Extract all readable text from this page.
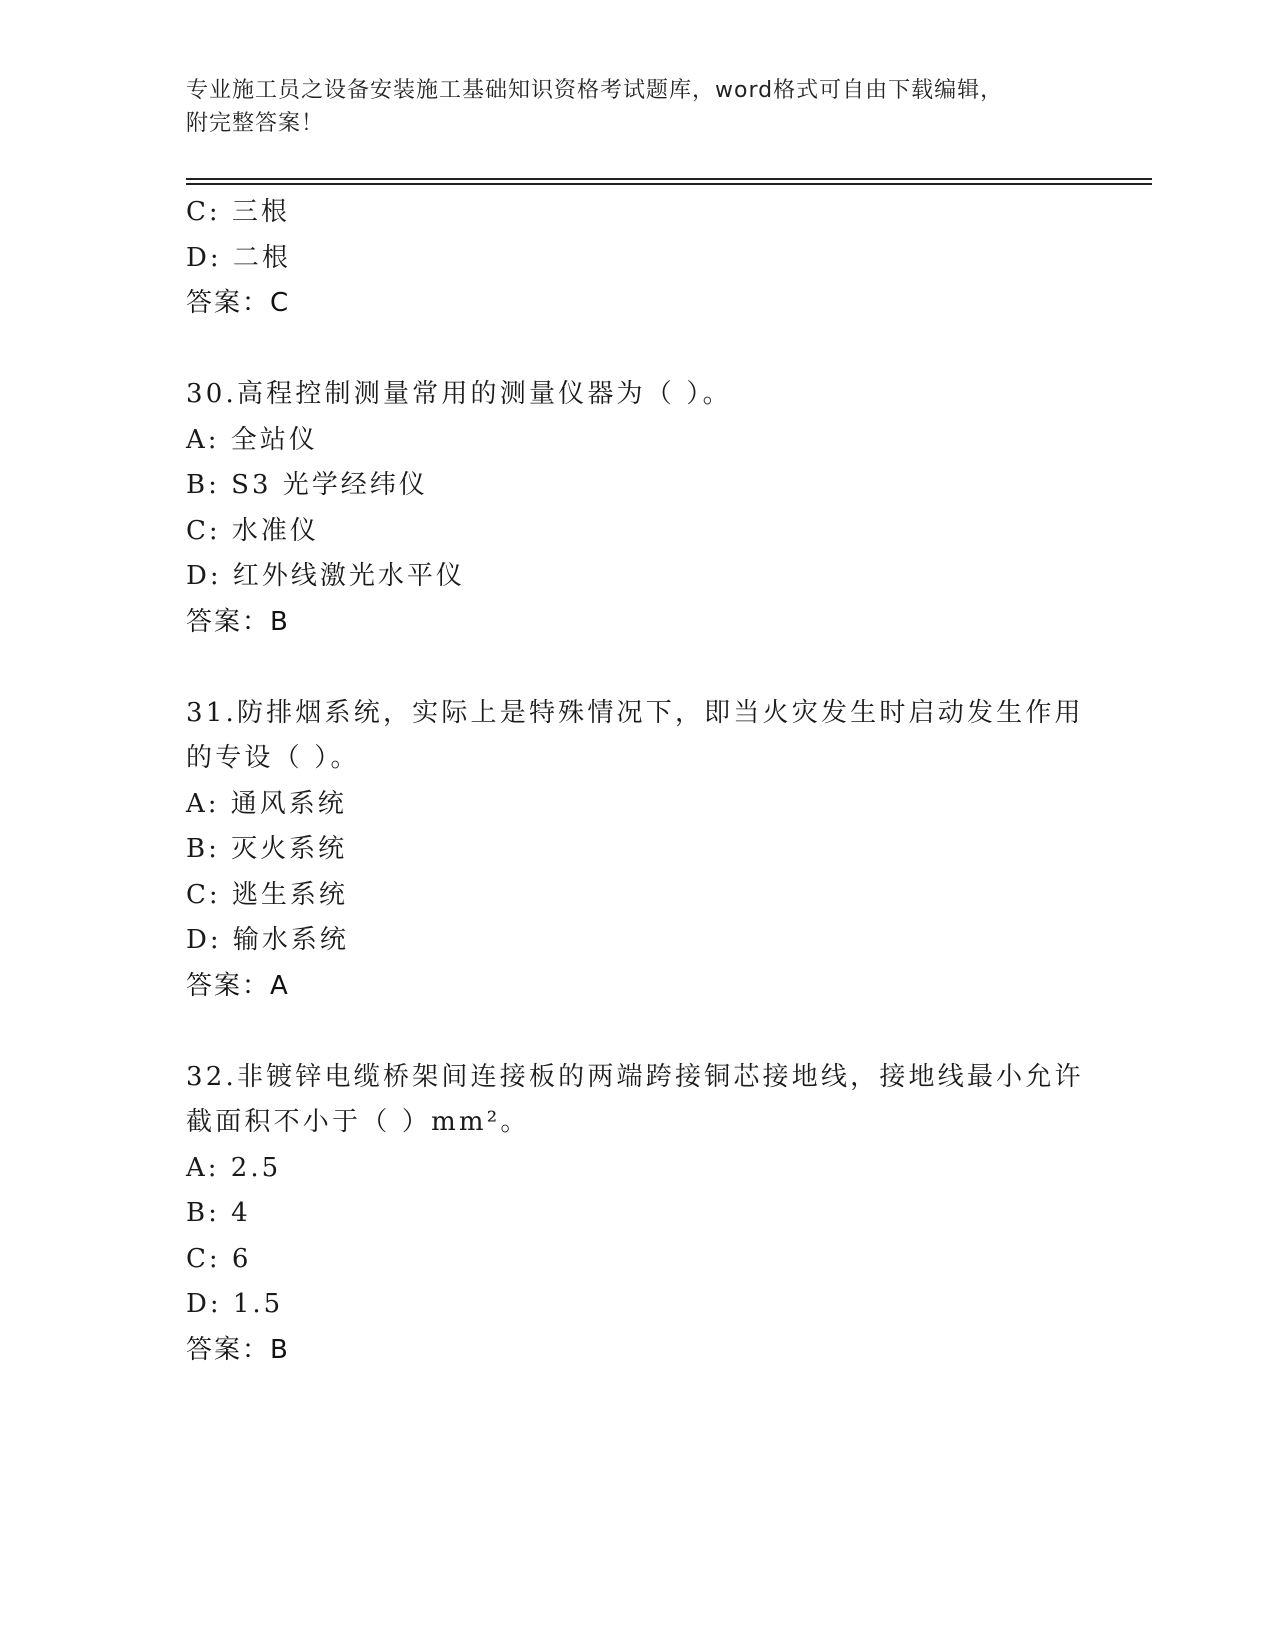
专业施工员之设备安装施工基础知识资格考试题库，word格式可自由下载编辑，
附完整答案！
C: 三根
D: 二根
答案：C
30.高程控制测量常用的测量仪器为（ ）。
A: 全站仪
B: S3 光学经纬仪
C: 水准仪
D: 红外线激光水平仪
答案：B
31.防排烟系统，实际上是特殊情况下，即当火灾发生时启动发生作用
的专设（ ）。
A: 通风系统
B: 灭火系统
C: 逃生系统
D: 输水系统
答案：A
32.非镀锌电缆桥架间连接板的两端跨接铜芯接地线，接地线最小允许
截面积不小于（ ）mm²。
A: 2.5
B: 4
C: 6
D: 1.5
答案：B
